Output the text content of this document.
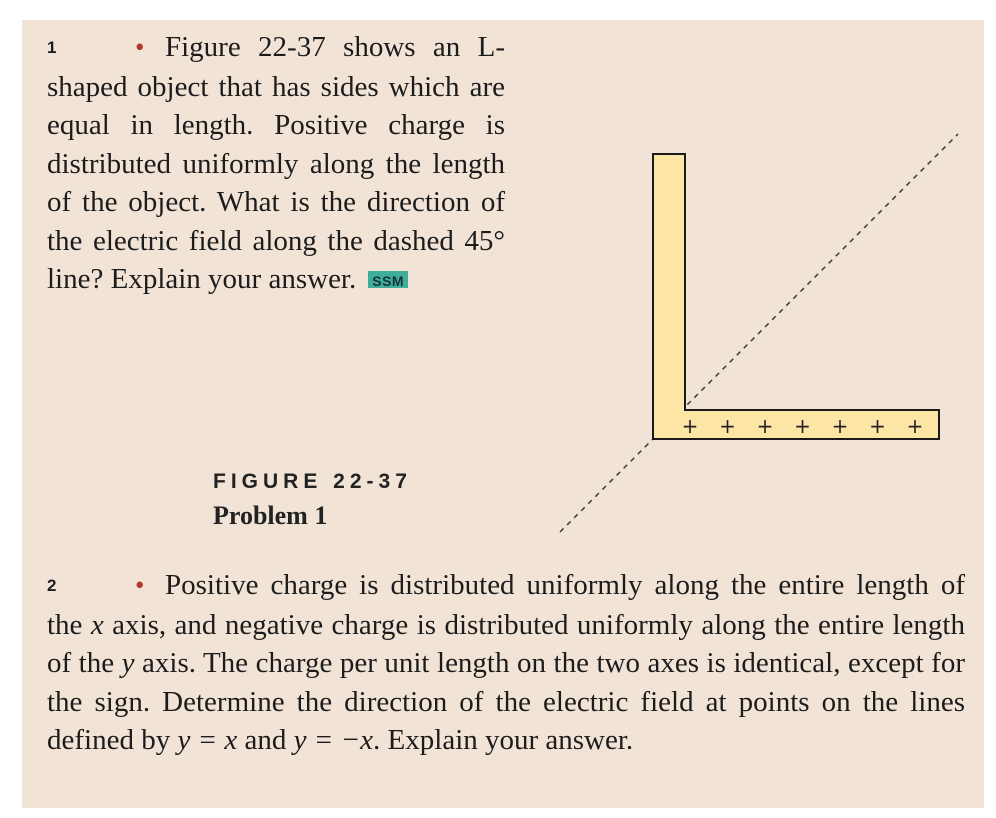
1	• Figure 22-37 shows an L-shaped object that has sides which are equal in length. Positive charge is distributed uniformly along the length of the object. What is the direction of the electric field along the dashed 45° line? Explain your answer. SSM
+ + + + + + +
FIGURE 22-37
Problem 1
2	• Positive charge is distributed uniformly along the entire length of the x axis, and negative charge is distributed uniformly along the entire length of the y axis. The charge per unit length on the two axes is identical, except for the sign. Determine the direction of the electric field at points on the lines defined by y = x and y = −x. Explain your answer.
